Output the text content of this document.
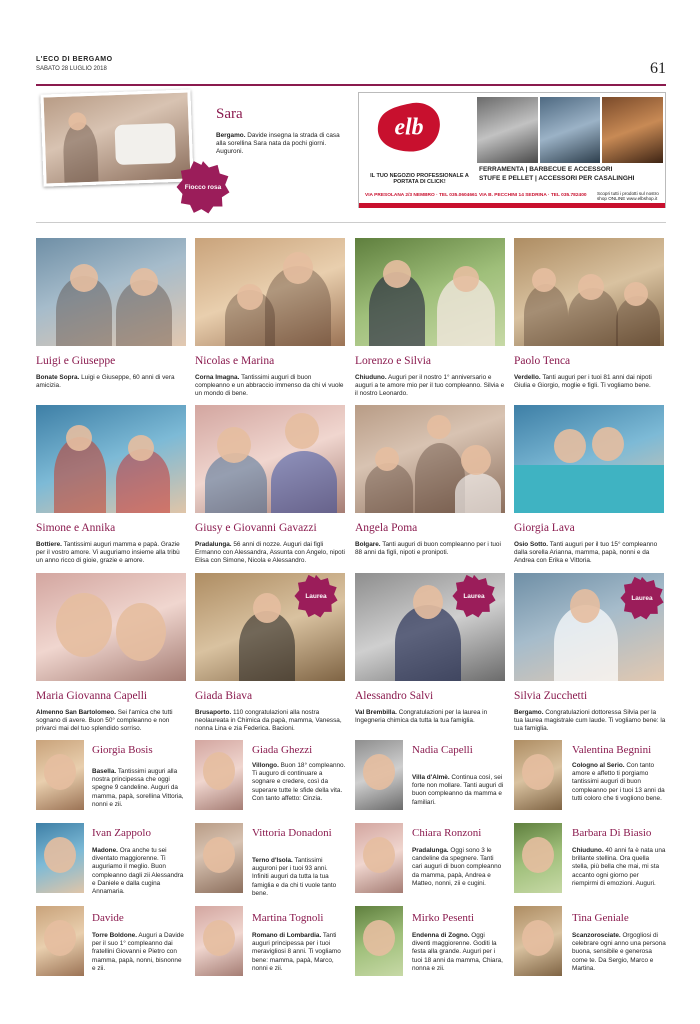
L'ECO DI BERGAMO
SABATO 28 LUGLIO 2018	61
Fiocco rosa
Sara
Bergamo. Davide insegna la strada di casa alla sorellina Sara nata da pochi giorni. Auguroni.
elb
IL TUO NEGOZIO PROFESSIONALE A PORTATA DI CLICK!
FERRAMENTA | BARBECUE E ACCESSORI
STUFE E PELLET | ACCESSORI PER CASALINGHI
VIA PRESOLANA 2/3 NEMBRO · TEL 035.0604661 VIA B. PECCHINI 14 SEDRINA · TEL 035.782400 Scopri tutti i prodotti sul nostro shop ONLINE www.elbshop.it
Luigi e Giuseppe
Bonate Sopra. Luigi e Giuseppe, 60 anni di vera amicizia.
Nicolas e Marina
Corna Imagna. Tantissimi auguri di buon compleanno e un abbraccio immenso da chi vi vuole un mondo di bene.
Lorenzo e Silvia
Chiuduno. Auguri per il nostro 1° anniversario e auguri a te amore mio per il tuo compleanno. Silvia e il nostro Leonardo.
Paolo Tenca
Verdello. Tanti auguri per i tuoi 81 anni dai nipoti Giulia e Giorgio, moglie e figli. Ti vogliamo bene.
Simone e Annika
Bottiere. Tantissimi auguri mamma e papà. Grazie per il vostro amore. Vi auguriamo insieme alla tribù un anno ricco di gioie, grazie e amore.
Giusy e Giovanni Gavazzi
Pradalunga. 56 anni di nozze. Auguri dai figli Ermanno con Alessandra, Assunta con Angelo, nipoti Elisa con Simone, Nicola e Alessandro.
Angela Poma
Bolgare. Tanti auguri di buon compleanno per i tuoi 88 anni da figli, nipoti e pronipoti.
Giorgia Lava
Osio Sotto. Tanti auguri per il tuo 15° compleanno dalla sorella Arianna, mamma, papà, nonni e da Andrea con Erika e Vittoria.
Maria Giovanna Capelli
Almenno San Bartolomeo. Sei l'amica che tutti sognano di avere. Buon 50° compleanno e non privarci mai del tuo splendido sorriso.
Laurea
Giada Biava
Brusaporto. 110 congratulazioni alla nostra neolaureata in Chimica da papà, mamma, Vanessa, nonna Lina e zia Federica. Bacioni.
Laurea
Alessandro Salvi
Val Brembilla. Congratulazioni per la laurea in Ingegneria chimica da tutta la tua famiglia.
Laurea
Silvia Zucchetti
Bergamo. Congratulazioni dottoressa Silvia per la tua laurea magistrale cum laude. Ti vogliamo bene: la tua famiglia.
Giorgia Bosis
Basella. Tantissimi auguri alla nostra principessa che oggi spegne 9 candeline. Auguri da mamma, papà, sorellina Vittoria, nonni e zii.
Giada Ghezzi
Villongo. Buon 18° compleanno. Ti auguro di continuare a sognare e credere, così da superare tutte le sfide della vita. Con tanto affetto: Cinzia.
Nadia Capelli
Villa d'Almè. Continua così, sei forte non mollare. Tanti auguri di buon compleanno da mamma e familiari.
Valentina Begnini
Cologno al Serio. Con tanto amore e affetto ti porgiamo tantissimi auguri di buon compleanno per i tuoi 13 anni da tutti coloro che ti vogliono bene.
Ivan Zappolo
Madone. Ora anche tu sei diventato maggiorenne. Ti auguriamo il meglio. Buon compleanno dagli zii Alessandra e Daniele e dalla cugina Annamaria.
Vittoria Donadoni
Terno d'Isola. Tantissimi auguroni per i tuoi 93 anni. Infiniti auguri da tutta la tua famiglia e da chi ti vuole tanto bene.
Chiara Ronzoni
Pradalunga. Oggi sono 3 le candeline da spegnere. Tanti cari auguri di buon compleanno da mamma, papà, Andrea e Matteo, nonni, zii e cugini.
Barbara Di Biasio
Chiuduno. 40 anni fa è nata una brillante stellina. Ora quella stella, più bella che mai, mi sta accanto ogni giorno per riempirmi di emozioni. Auguri.
Davide
Torre Boldone. Auguri a Davide per il suo 1° compleanno dai fratellini Giovanni e Pietro con mamma, papà, nonni, bisnonne e zii.
Martina Tognoli
Romano di Lombardia. Tanti auguri principessa per i tuoi meravigliosi 8 anni. Ti vogliamo bene: mamma, papà, Marco, nonni e zii.
Mirko Pesenti
Endenna di Zogno. Oggi diventi maggiorenne. Goditi la festa alla grande. Auguri per i tuoi 18 anni da mamma, Chiara, nonna e zii.
Tina Geniale
Scanzorosciate. Orgogliosi di celebrare ogni anno una persona buona, sensibile e generosa come te. Da Sergio, Marco e Martina.
